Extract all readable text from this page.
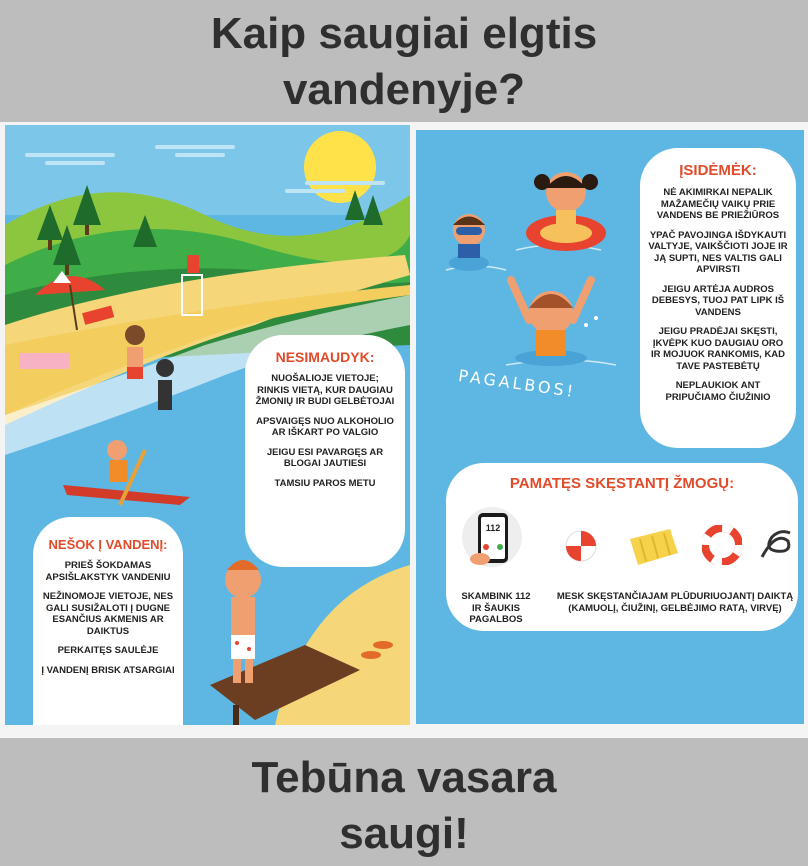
Kaip saugiai elgtis
vandenyje?
NESIMAUDYK:

NUOŠALIOJE VIETOJE; RINKIS VIETĄ, KUR DAUGIAU ŽMONIŲ IR BUDI GELBĖTOJAI

APSVAIGĘS NUO ALKOHOLIO AR IŠKART PO VALGIO

JEIGU ESI PAVARGĘS AR BLOGAI JAUTIESI

TAMSIU PAROS METU

NEŠOK Į VANDENĮ:

PRIEŠ ŠOKDAMAS APSIŠLAKSTYK VANDENIU

NEŽINOMOJE VIETOJE, NES GALI SUSIŽALOTI Į DUGNE ESANČIUS AKMENIS AR DAIKTUS

PERKAITĘS SAULĖJE

Į VANDENĮ BRISK ATSARGIAI

PAGALBOS!
ĮSIDĖMĖK:

NĖ AKIMIRKAI NEPALIK MAŽAMEČIŲ VAIKŲ PRIE VANDENS BE PRIEŽIŪROS

YPAČ PAVOJINGA IŠDYKAUTI VALTYJE, VAIKŠČIOTI JOJE IR JĄ SUPTI, NES VALTIS GALI APVIRSTI

JEIGU ARTĖJA AUDROS DEBESYS, TUOJ PAT LIPK IŠ VANDENS

JEIGU PRADĖJAI SKĘSTI, ĮKVĖPK KUO DAUGIAU ORO IR MOJUOK RANKOMIS, KAD TAVE PASTEBĖTŲ

NEPLAUKIOK ANT PRIPUČIAMO ČIUŽINIO

PAMATĘS SKĘSTANTĮ ŽMOGŲ:
112
SKAMBINK 112
IR ŠAUKIS PAGALBOS
MESK SKĘSTANČIAJAM PLŪDURIUOJANTĮ DAIKTĄ
(KAMUOLĮ, ČIUŽINĮ, GELBĖJIMO RATĄ, VIRVĘ)
Tebūna vasara
saugi!
